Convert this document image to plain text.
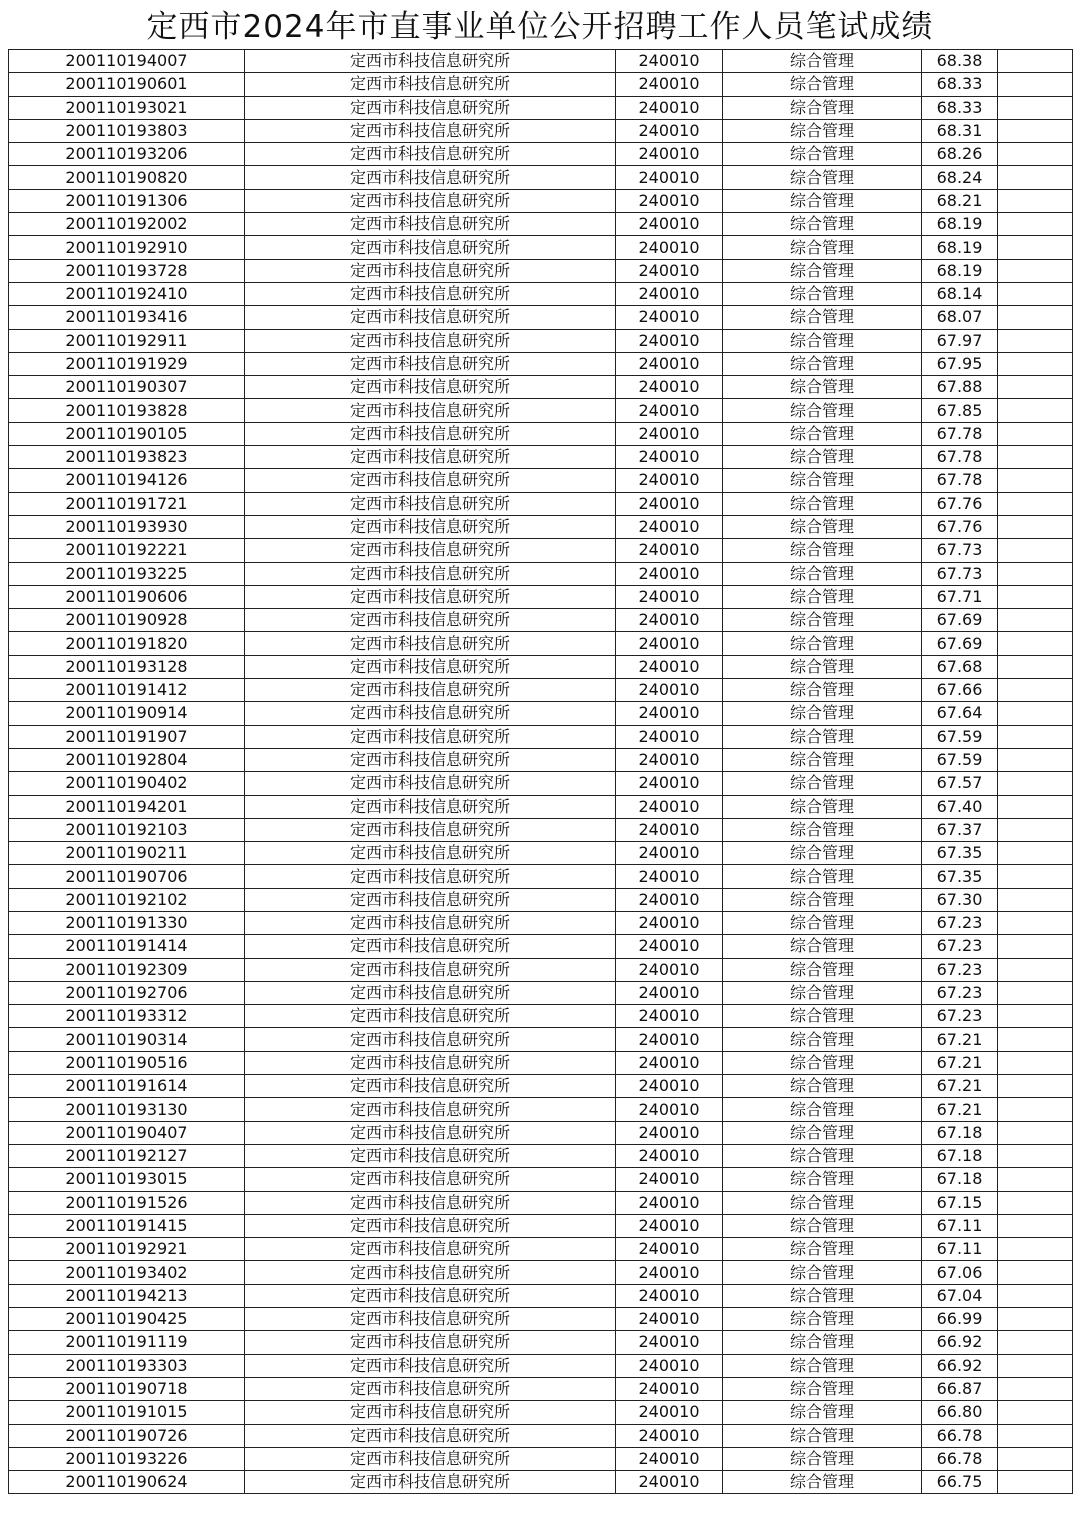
定西市2024年市直事业单位公开招聘工作人员笔试成绩
200110194007	定西市科技信息研究所	240010	综合管理	68.38	
200110190601	定西市科技信息研究所	240010	综合管理	68.33	
200110193021	定西市科技信息研究所	240010	综合管理	68.33	
200110193803	定西市科技信息研究所	240010	综合管理	68.31	
200110193206	定西市科技信息研究所	240010	综合管理	68.26	
200110190820	定西市科技信息研究所	240010	综合管理	68.24	
200110191306	定西市科技信息研究所	240010	综合管理	68.21	
200110192002	定西市科技信息研究所	240010	综合管理	68.19	
200110192910	定西市科技信息研究所	240010	综合管理	68.19	
200110193728	定西市科技信息研究所	240010	综合管理	68.19	
200110192410	定西市科技信息研究所	240010	综合管理	68.14	
200110193416	定西市科技信息研究所	240010	综合管理	68.07	
200110192911	定西市科技信息研究所	240010	综合管理	67.97	
200110191929	定西市科技信息研究所	240010	综合管理	67.95	
200110190307	定西市科技信息研究所	240010	综合管理	67.88	
200110193828	定西市科技信息研究所	240010	综合管理	67.85	
200110190105	定西市科技信息研究所	240010	综合管理	67.78	
200110193823	定西市科技信息研究所	240010	综合管理	67.78	
200110194126	定西市科技信息研究所	240010	综合管理	67.78	
200110191721	定西市科技信息研究所	240010	综合管理	67.76	
200110193930	定西市科技信息研究所	240010	综合管理	67.76	
200110192221	定西市科技信息研究所	240010	综合管理	67.73	
200110193225	定西市科技信息研究所	240010	综合管理	67.73	
200110190606	定西市科技信息研究所	240010	综合管理	67.71	
200110190928	定西市科技信息研究所	240010	综合管理	67.69	
200110191820	定西市科技信息研究所	240010	综合管理	67.69	
200110193128	定西市科技信息研究所	240010	综合管理	67.68	
200110191412	定西市科技信息研究所	240010	综合管理	67.66	
200110190914	定西市科技信息研究所	240010	综合管理	67.64	
200110191907	定西市科技信息研究所	240010	综合管理	67.59	
200110192804	定西市科技信息研究所	240010	综合管理	67.59	
200110190402	定西市科技信息研究所	240010	综合管理	67.57	
200110194201	定西市科技信息研究所	240010	综合管理	67.40	
200110192103	定西市科技信息研究所	240010	综合管理	67.37	
200110190211	定西市科技信息研究所	240010	综合管理	67.35	
200110190706	定西市科技信息研究所	240010	综合管理	67.35	
200110192102	定西市科技信息研究所	240010	综合管理	67.30	
200110191330	定西市科技信息研究所	240010	综合管理	67.23	
200110191414	定西市科技信息研究所	240010	综合管理	67.23	
200110192309	定西市科技信息研究所	240010	综合管理	67.23	
200110192706	定西市科技信息研究所	240010	综合管理	67.23	
200110193312	定西市科技信息研究所	240010	综合管理	67.23	
200110190314	定西市科技信息研究所	240010	综合管理	67.21	
200110190516	定西市科技信息研究所	240010	综合管理	67.21	
200110191614	定西市科技信息研究所	240010	综合管理	67.21	
200110193130	定西市科技信息研究所	240010	综合管理	67.21	
200110190407	定西市科技信息研究所	240010	综合管理	67.18	
200110192127	定西市科技信息研究所	240010	综合管理	67.18	
200110193015	定西市科技信息研究所	240010	综合管理	67.18	
200110191526	定西市科技信息研究所	240010	综合管理	67.15	
200110191415	定西市科技信息研究所	240010	综合管理	67.11	
200110192921	定西市科技信息研究所	240010	综合管理	67.11	
200110193402	定西市科技信息研究所	240010	综合管理	67.06	
200110194213	定西市科技信息研究所	240010	综合管理	67.04	
200110190425	定西市科技信息研究所	240010	综合管理	66.99	
200110191119	定西市科技信息研究所	240010	综合管理	66.92	
200110193303	定西市科技信息研究所	240010	综合管理	66.92	
200110190718	定西市科技信息研究所	240010	综合管理	66.87	
200110191015	定西市科技信息研究所	240010	综合管理	66.80	
200110190726	定西市科技信息研究所	240010	综合管理	66.78	
200110193226	定西市科技信息研究所	240010	综合管理	66.78	
200110190624	定西市科技信息研究所	240010	综合管理	66.75	
